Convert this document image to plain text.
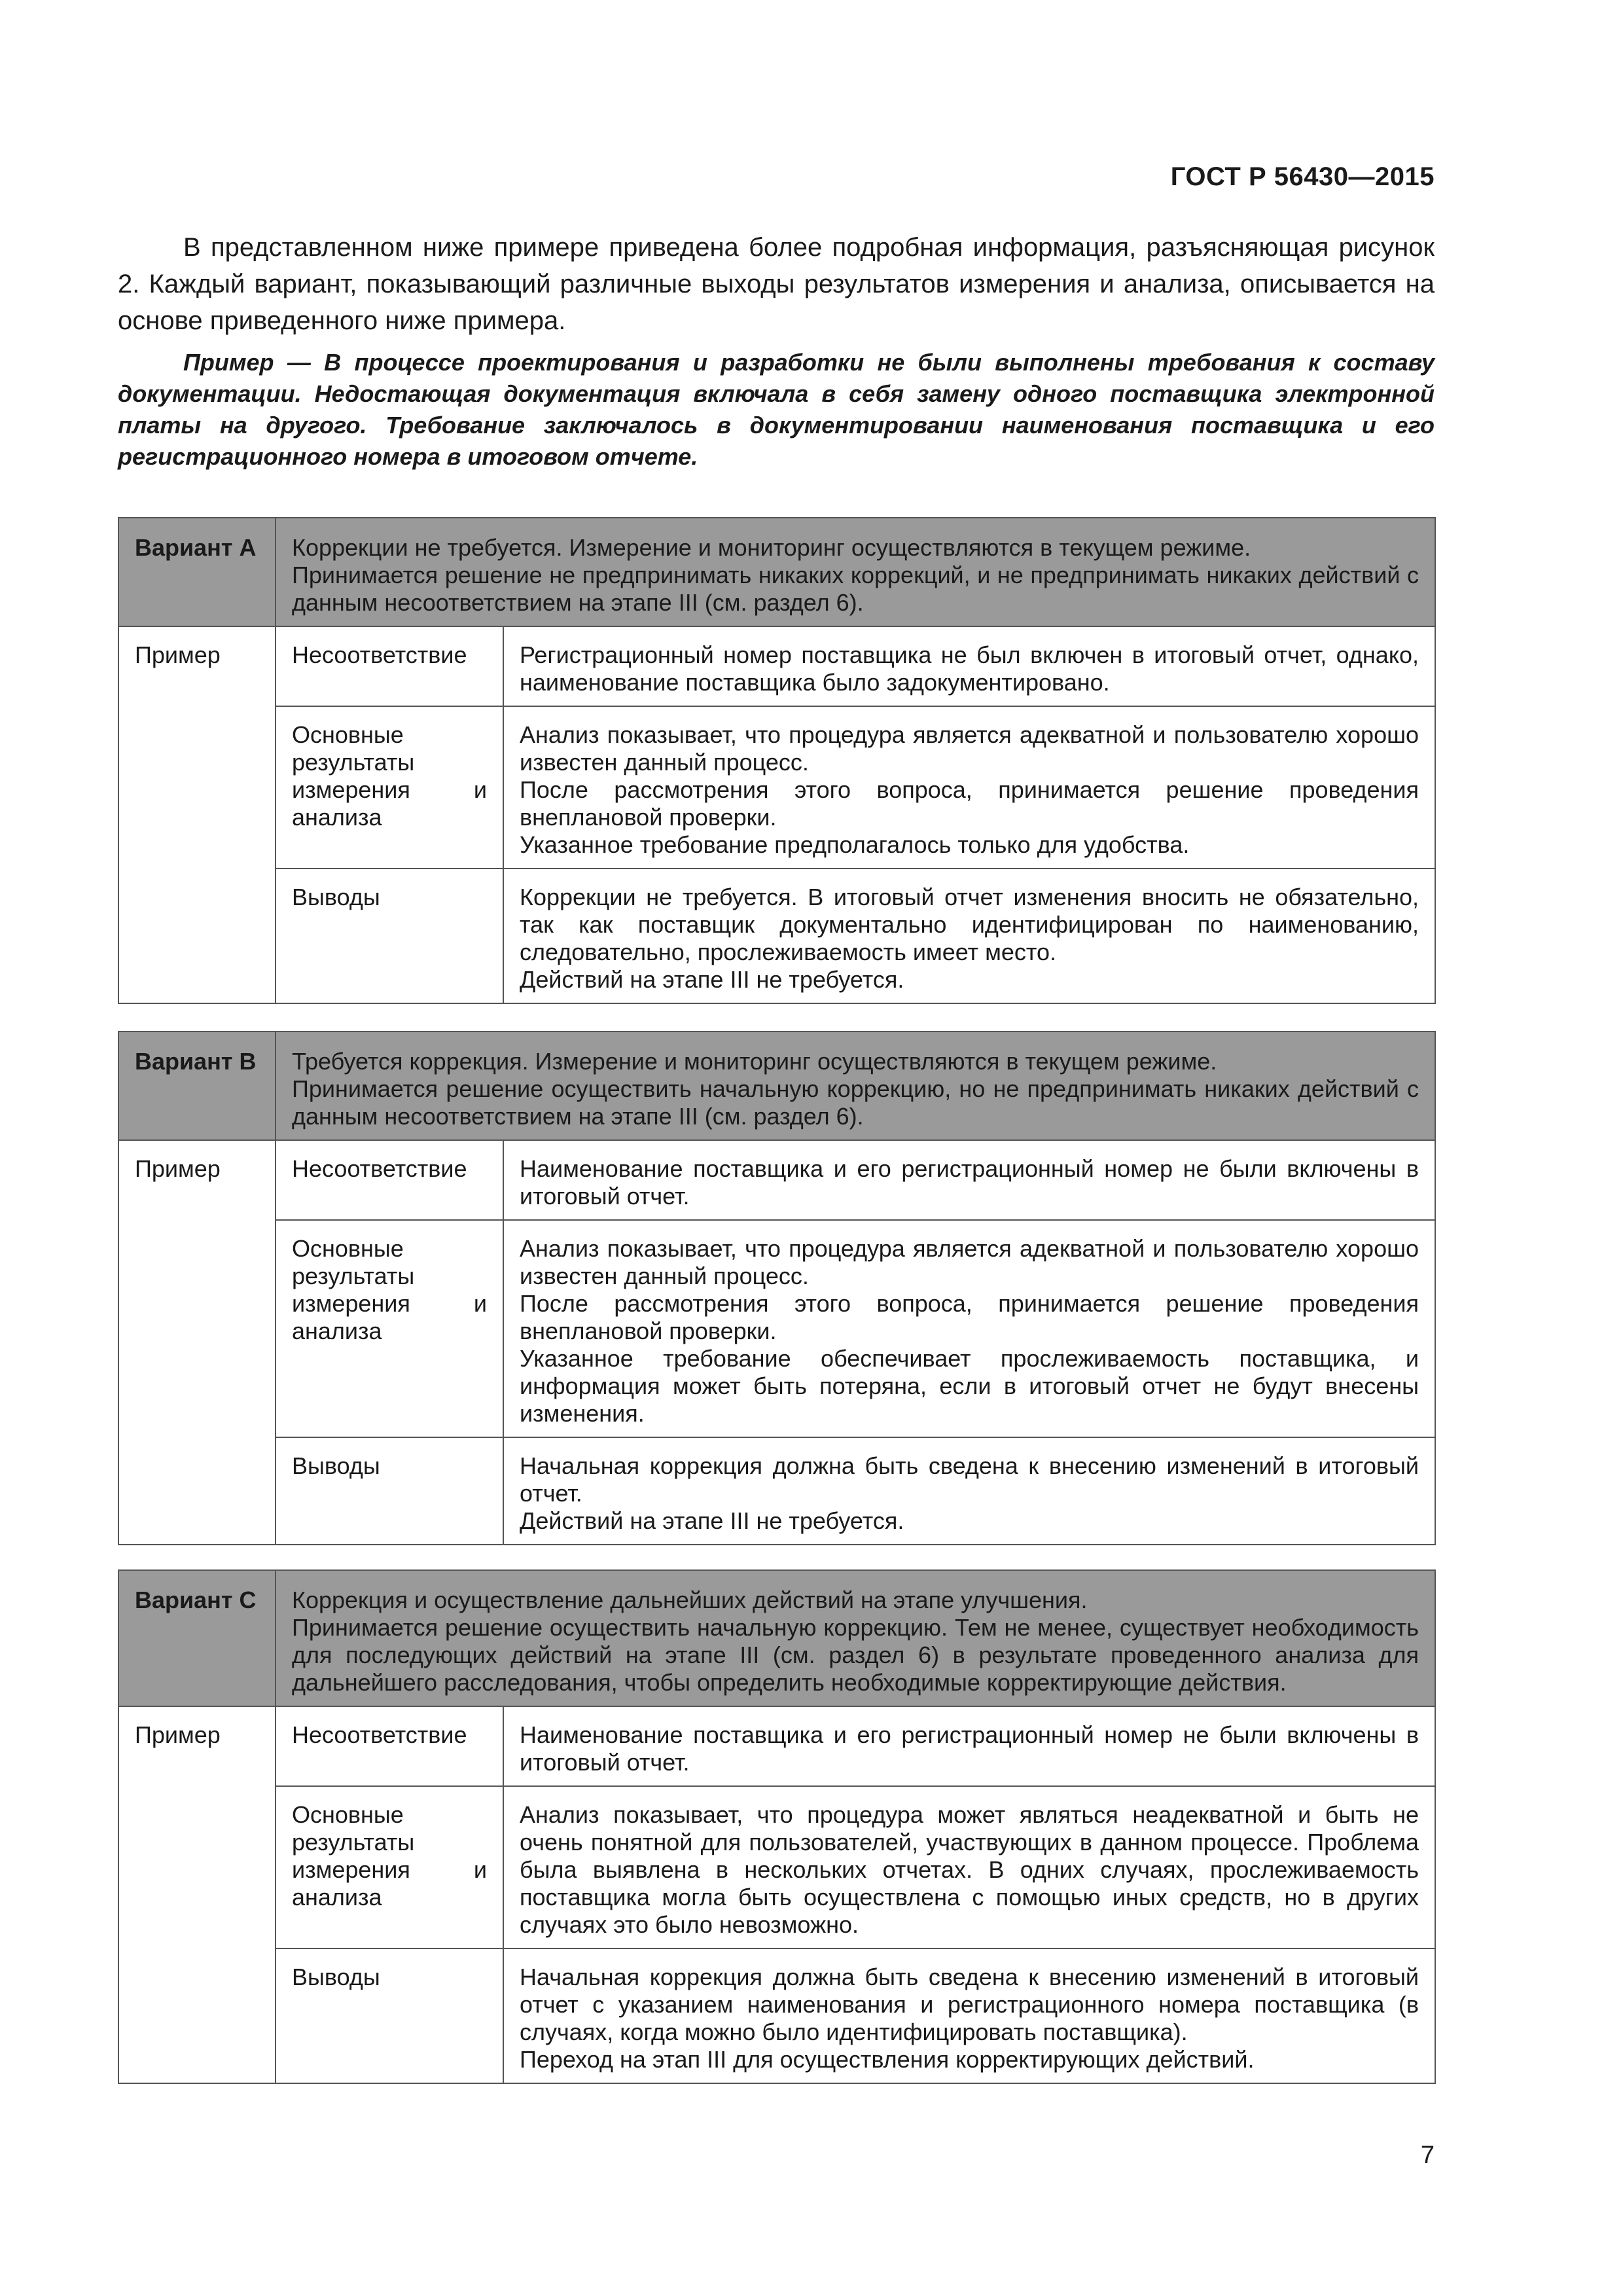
ГОСТ Р 56430—2015

В представленном ниже примере приведена более подробная информация, разъясняющая рисунок 2. Каждый вариант, показывающий различные выходы результатов измерения и анализа, описывается на основе приведенного ниже примера.

Пример — В процессе проектирования и разработки не были выполнены требования к составу документации. Недостающая документация включала в себя замену одного поставщика электронной платы на другого. Требование заключалось в документировании наименования поставщика и его регистрационного номера в итоговом отчете.

Вариант А	Коррекции не требуется. Измерение и мониторинг осуществляются в текущем режиме.
Принимается решение не предпринимать никаких коррекций, и не предпринимать никаких действий с данным несоответствием на этапе III (см. раздел 6).	

Пример	Несоответствие	Регистрационный номер поставщика не был включен в итоговый отчет, однако, наименование поставщика было задокументировано.

	Основные результаты измерения и анализа	Анализ показывает, что процедура является адекватной и пользователю хорошо известен данный процесс.
После рассмотрения этого вопроса, принимается решение проведения внеплановой проверки.
Указанное требование предполагалось только для удобства.

	Выводы	Коррекции не требуется. В итоговый отчет изменения вносить не обязательно, так как поставщик документально идентифицирован по наименованию, следовательно, прослеживаемость имеет место.
Действий на этапе III не требуется.
Вариант B	Требуется коррекция. Измерение и мониторинг осуществляются в текущем режиме.
Принимается решение осуществить начальную коррекцию, но не предпринимать никаких действий с данным несоответствием на этапе III (см. раздел 6).	

Пример	Несоответствие	Наименование поставщика и его регистрационный номер не были включены в итоговый отчет.

	Основные результаты измерения и анализа	Анализ показывает, что процедура является адекватной и пользователю хорошо известен данный процесс.
После рассмотрения этого вопроса, принимается решение проведения внеплановой проверки.
Указанное требование обеспечивает прослеживаемость поставщика, и информация может быть потеряна, если в итоговый отчет не будут внесены изменения.

	Выводы	Начальная коррекция должна быть сведена к внесению изменений в итоговый отчет.
Действий на этапе III не требуется.
Вариант C	Коррекция и осуществление дальнейших действий на этапе улучшения.
Принимается решение осуществить начальную коррекцию. Тем не менее, существует необходимость для последующих действий на этапе III (см. раздел 6) в результате проведенного анализа для дальнейшего расследования, чтобы определить необходимые корректирующие действия.	

Пример	Несоответствие	Наименование поставщика и его регистрационный номер не были включены в итоговый отчет.

	Основные результаты измерения и анализа	Анализ показывает, что процедура может являться неадекватной и быть не очень понятной для пользователей, участвующих в данном процессе. Проблема была выявлена в нескольких отчетах. В одних случаях, прослеживаемость поставщика могла быть осуществлена с помощью иных средств, но в других случаях это было невозможно.

	Выводы	Начальная коррекция должна быть сведена к внесению изменений в итоговый отчет с указанием наименования и регистрационного номера поставщика (в случаях, когда можно было идентифицировать поставщика).
Переход на этап III для осуществления корректирующих действий.
7
